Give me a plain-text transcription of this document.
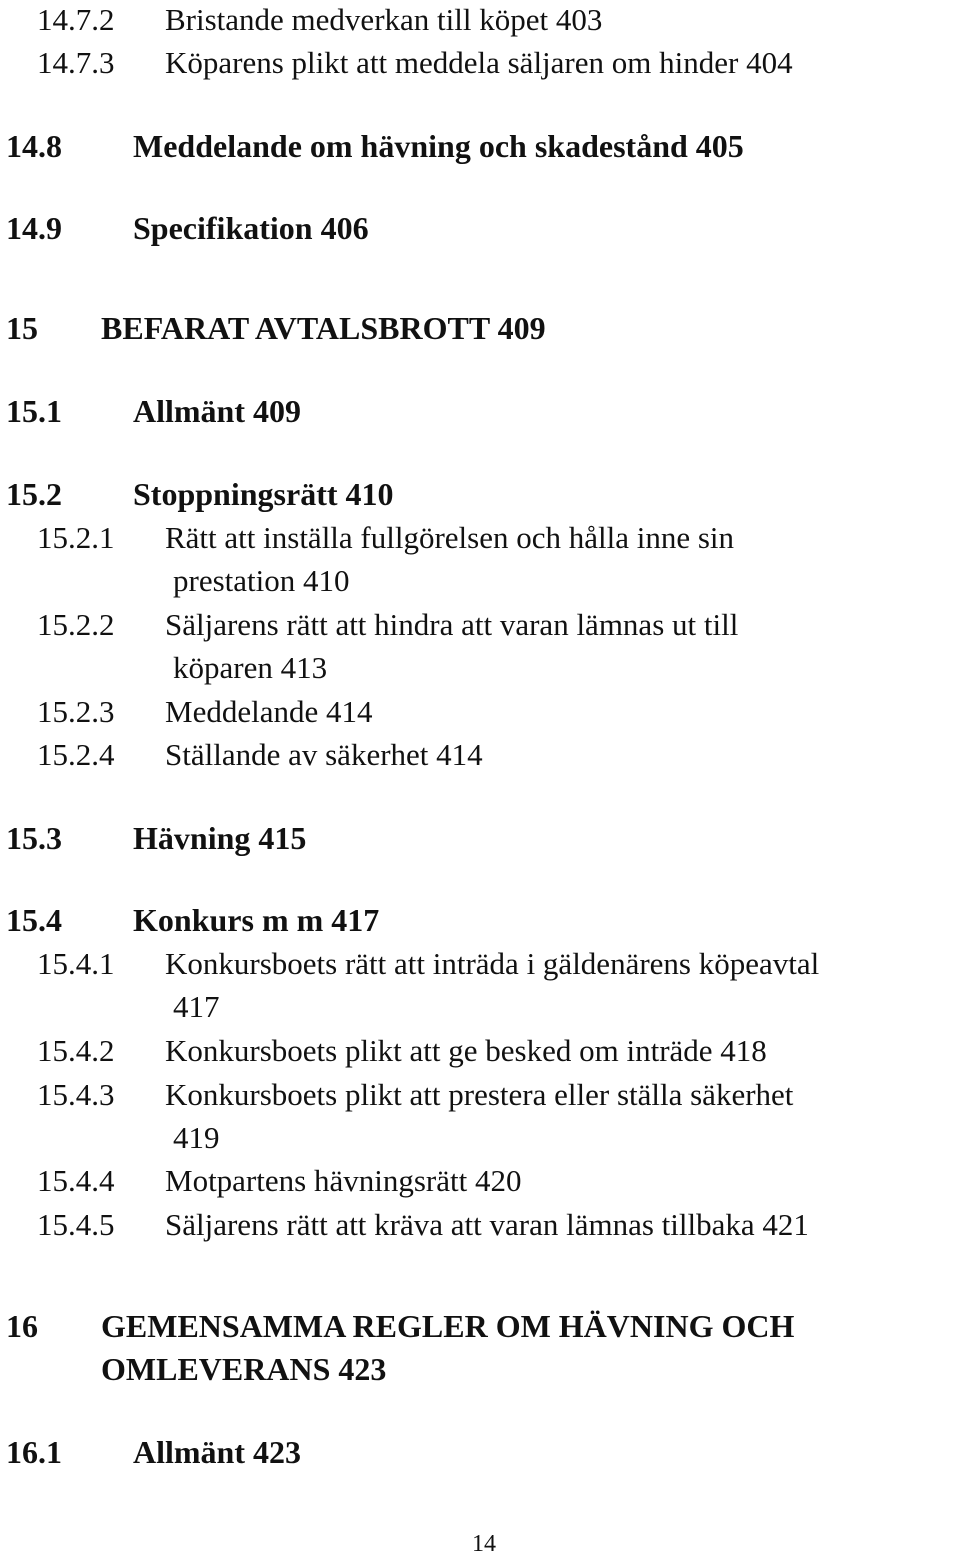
14.7.2 Bristande medverkan till köpet 403
14.7.3 Köparens plikt att meddela säljaren om hinder 404
14.8 Meddelande om hävning och skadestånd 405
14.9 Specifikation 406
15 BEFARAT AVTALSBROTT 409
15.1 Allmänt 409
15.2 Stoppningsrätt 410
15.2.1 Rätt att inställa fullgörelsen och hålla inne sin
prestation 410
15.2.2 Säljarens rätt att hindra att varan lämnas ut till
köparen 413
15.2.3 Meddelande 414
15.2.4 Ställande av säkerhet 414
15.3 Hävning 415
15.4 Konkurs m m 417
15.4.1 Konkursboets rätt att inträda i gäldenärens köpeavtal
417
15.4.2 Konkursboets plikt att ge besked om inträde 418
15.4.3 Konkursboets plikt att prestera eller ställa säkerhet
419
15.4.4 Motpartens hävningsrätt 420
15.4.5 Säljarens rätt att kräva att varan lämnas tillbaka 421
16 GEMENSAMMA REGLER OM HÄVNING OCH
OMLEVERANS 423
16.1 Allmänt 423
14
